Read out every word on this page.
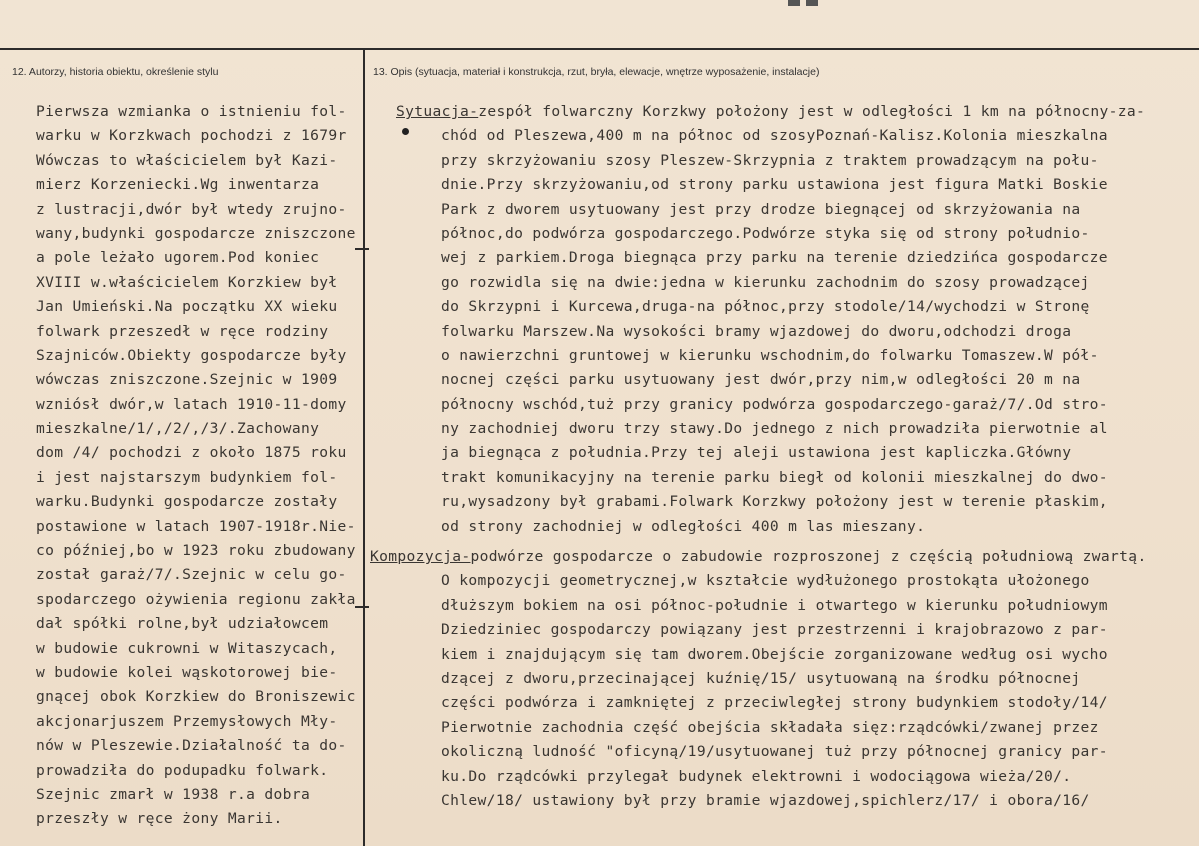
12. Autorzy, historia obiektu, określenie stylu	13. Opis (sytuacja, materiał i konstrukcja, rzut, bryła, elewacje, wnętrze wyposażenie, instalacje)
Pierwsza wzmianka o istnieniu fol-
warku w Korzkwach pochodzi z 1679r
Wówczas to właścicielem był Kazi-
mierz Korzeniecki.Wg inwentarza
z lustracji,dwór był wtedy zrujno-
wany,budynki gospodarcze zniszczone
a pole leżało ugorem.Pod koniec
XVIII w.właścicielem Korzkiew był
Jan Umieński.Na początku XX wieku
folwark przeszedł w ręce rodziny
Szajniców.Obiekty gospodarcze były
wówczas zniszczone.Szejnic w 1909
wzniósł dwór,w latach 1910-11-domy
mieszkalne/1/,/2/,/3/.Zachowany
dom /4/ pochodzi z około 1875 roku
i jest najstarszym budynkiem fol-
warku.Budynki gospodarcze zostały
postawione w latach 1907-1918r.Nie-
co później,bo w 1923 roku zbudowany
został garaż/7/.Szejnic w celu go-
spodarczego ożywienia regionu zakła
dał spółki rolne,był udziałowcem
w budowie cukrowni w Witaszycach,
w budowie kolei wąskotorowej bie-
gnącej obok Korzkiew do Broniszewic
akcjonarjuszem Przemysłowych Mły-
nów w Pleszewie.Działalność ta do-
prowadziła do podupadku folwark.
Szejnic zmarł w 1938 r.a dobra
przeszły w ręce żony Marii.
Sytuacja-zespół folwarczny Korzkwy położony jest w odległości 1 km na północny-za-
chód od Pleszewa,400 m na północ od szosyPoznań-Kalisz.Kolonia mieszkalna
przy skrzyżowaniu szosy Pleszew-Skrzypnia z traktem prowadzącym na połu-
dnie.Przy skrzyżowaniu,od strony parku ustawiona jest figura Matki Boskie
Park z dworem usytuowany jest przy drodze biegnącej od skrzyżowania na
północ,do podwórza gospodarczego.Podwórze styka się od strony południo-
wej z parkiem.Droga biegnąca przy parku na terenie dziedzińca gospodarcze
go rozwidla się na dwie:jedna w kierunku zachodnim do szosy prowadzącej
do Skrzypni i Kurcewa,druga-na północ,przy stodole/14/wychodzi w Stronę
folwarku Marszew.Na wysokości bramy wjazdowej do dworu,odchodzi droga
o nawierzchni gruntowej w kierunku wschodnim,do folwarku Tomaszew.W pół-
nocnej części parku usytuowany jest dwór,przy nim,w odległości 20 m na
północny wschód,tuż przy granicy podwórza gospodarczego-garaż/7/.Od stro-
ny zachodniej dworu trzy stawy.Do jednego z nich prowadziła pierwotnie al
ja biegnąca z południa.Przy tej aleji ustawiona jest kapliczka.Główny
trakt komunikacyjny na terenie parku biegł od kolonii mieszkalnej do dwo-
ru,wysadzony był grabami.Folwark Korzkwy położony jest w terenie płaskim,
od strony zachodniej w odległości 400 m las mieszany.
Kompozycja-podwórze gospodarcze o zabudowie rozproszonej z częścią południową zwartą.
O kompozycji geometrycznej,w kształcie wydłużonego prostokąta ułożonego
dłuższym bokiem na osi północ-południe i otwartego w kierunku południowym
Dziedziniec gospodarczy powiązany jest przestrzenni i krajobrazowo z par-
kiem i znajdującym się tam dworem.Obejście zorganizowane według osi wycho
dzącej z dworu,przecinającej kuźnię/15/ usytuowaną na środku północnej
części podwórza i zamkniętej z przeciwległej strony budynkiem stodoły/14/
Pierwotnie zachodnia część obejścia składała sięz:rządcówki/zwanej przez
okoliczną ludność "oficyną/19/usytuowanej tuż przy północnej granicy par-
ku.Do rządcówki przylegał budynek elektrowni i wodociągowa wieża/20/.
Chlew/18/ ustawiony był przy bramie wjazdowej,spichlerz/17/ i obora/16/
